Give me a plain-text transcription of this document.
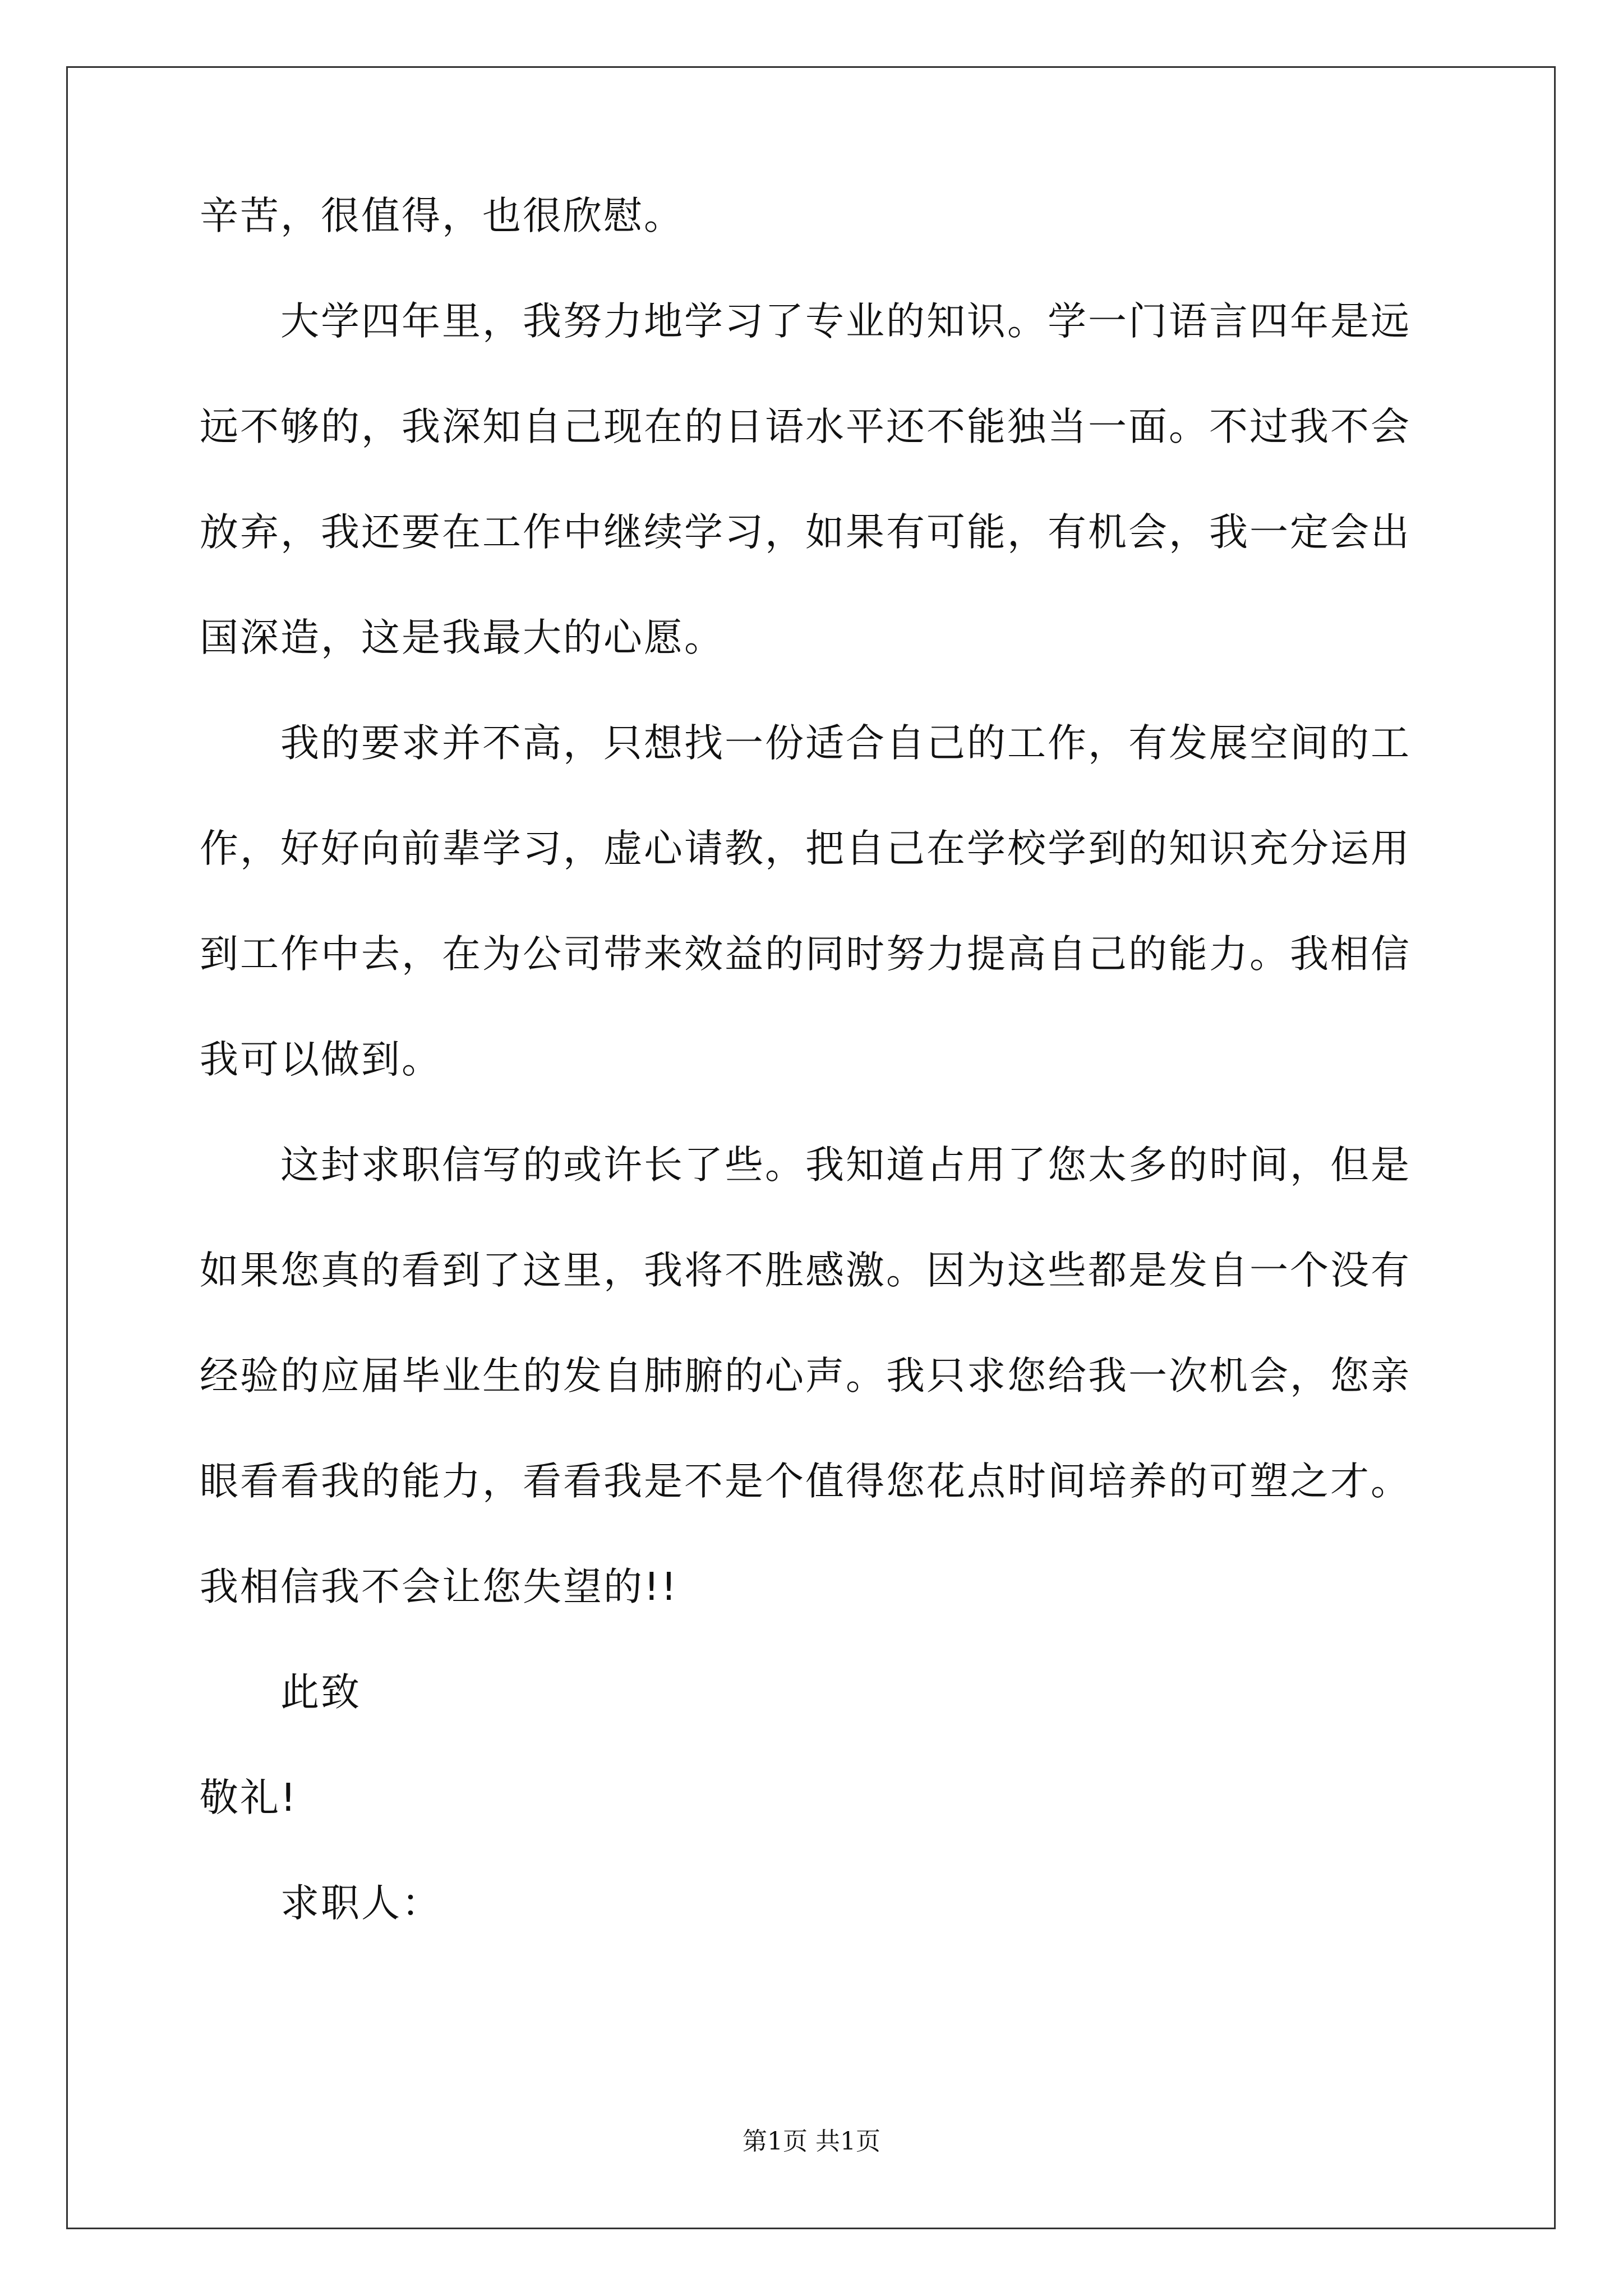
辛苦，很值得，也很欣慰。
大学四年里，我努力地学习了专业的知识。学一门语言四年是远
远不够的，我深知自己现在的日语水平还不能独当一面。不过我不会
放弃，我还要在工作中继续学习，如果有可能，有机会，我一定会出
国深造，这是我最大的心愿。
我的要求并不高，只想找一份适合自己的工作，有发展空间的工
作，好好向前辈学习，虚心请教，把自己在学校学到的知识充分运用
到工作中去，在为公司带来效益的同时努力提高自己的能力。我相信
我可以做到。
这封求职信写的或许长了些。我知道占用了您太多的时间，但是
如果您真的看到了这里，我将不胜感激。因为这些都是发自一个没有
经验的应届毕业生的发自肺腑的心声。我只求您给我一次机会，您亲
眼看看我的能力，看看我是不是个值得您花点时间培养的可塑之才。
我相信我不会让您失望的!!
此致
敬礼!
求职人：
第1页 共1页
